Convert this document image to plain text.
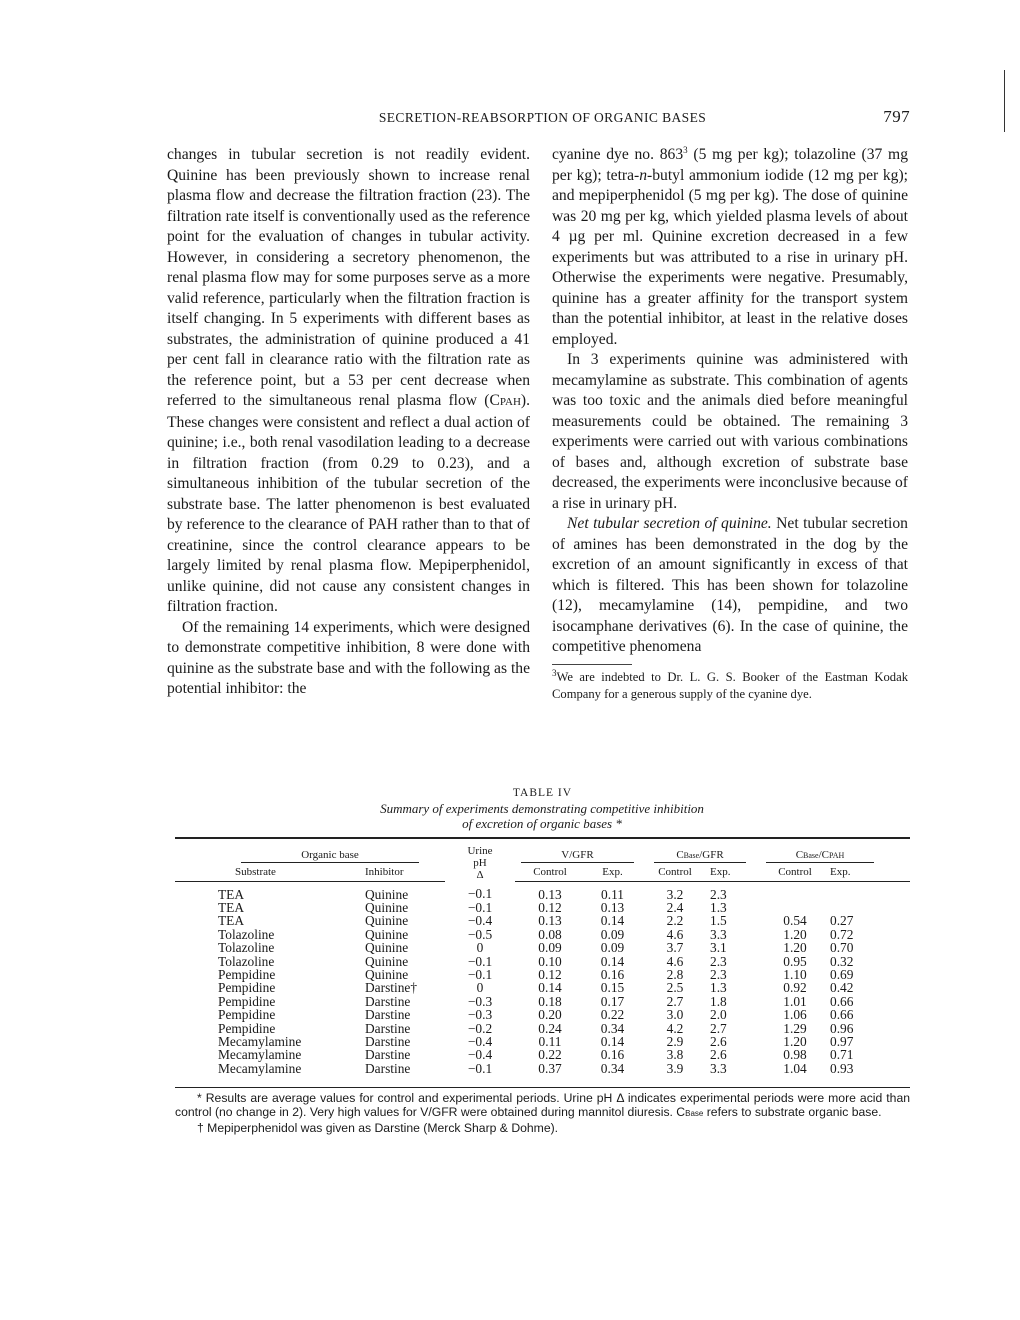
SECRETION-REABSORPTION OF ORGANIC BASES	797

changes in tubular secretion is not readily evident. Quinine has been previously shown to increase renal plasma flow and decrease the filtration fraction (23). The filtration rate itself is conventionally used as the reference point for the evaluation of changes in tubular activity. However, in considering a secretory phenomenon, the renal plasma flow may for some purposes serve as a more valid reference, particularly when the filtration fraction is itself changing. In 5 experiments with different bases as substrates, the administration of quinine produced a 41 per cent fall in clearance ratio with the filtration rate as the reference point, but a 53 per cent decrease when referred to the simultaneous renal plasma flow (CPAH). These changes were consistent and reflect a dual action of quinine; i.e., both renal vasodilation leading to a decrease in filtration fraction (from 0.29 to 0.23), and a simultaneous inhibition of the tubular secretion of the substrate base. The latter phenomenon is best evaluated by reference to the clearance of PAH rather than to that of creatinine, since the control clearance appears to be largely limited by renal plasma flow. Mepiperphenidol, unlike quinine, did not cause any consistent changes in filtration fraction.

Of the remaining 14 experiments, which were designed to demonstrate competitive inhibition, 8 were done with quinine as the substrate base and with the following as the potential inhibitor: the

cyanine dye no. $863^3$ (5 mg per kg); tolazoline (37 mg per kg); tetra-n-butyl ammonium iodide (12 mg per kg); and mepiperphenidol (5 mg per kg). The dose of quinine was 20 mg per kg, which yielded plasma levels of about 4 µg per ml. Quinine excretion decreased in a few experiments but was attributed to a rise in urinary pH. Otherwise the experiments were negative. Presumably, quinine has a greater affinity for the transport system than the potential inhibitor, at least in the relative doses employed.

In 3 experiments quinine was administered with mecamylamine as substrate. This combination of agents was too toxic and the animals died before meaningful measurements could be obtained. The remaining 3 experiments were carried out with various combinations of bases and, although excretion of substrate base decreased, the experiments were inconclusive because of a rise in urinary pH.

Net tubular secretion of quinine. Net tubular secretion of amines has been demonstrated in the dog by the excretion of an amount significantly in excess of that which is filtered. This has been shown for tolazoline (12), mecamylamine (14), pempidine, and two isocamphane derivatives (6). In the case of quinine, the competitive phenomena

$^3$We are indebted to Dr. L. G. S. Booker of the Eastman Kodak Company for a generous supply of the cyanine dye.

TABLE IV
Summary of experiments demonstrating competitive inhibition
of excretion of organic bases *
	Organic base		Urine
pH
Δ	V/GFR		CBase/GFR		CBase/CPAH		
	Substrate	Inhibitor		Control	Exp.	Control	Exp.	Control	Exp.	
	TEA	Quinine	−0.1	0.13	0.11	3.2	2.3			
	TEA	Quinine	−0.1	0.12	0.13	2.4	1.3			
	TEA	Quinine	−0.4	0.13	0.14	2.2	1.5	0.54	0.27	
	Tolazoline	Quinine	−0.5	0.08	0.09	4.6	3.3	1.20	0.72	
	Tolazoline	Quinine	0	0.09	0.09	3.7	3.1	1.20	0.70	
	Tolazoline	Quinine	−0.1	0.10	0.14	4.6	2.3	0.95	0.32	
	Pempidine	Quinine	−0.1	0.12	0.16	2.8	2.3	1.10	0.69	
	Pempidine	Darstine†	0	0.14	0.15	2.5	1.3	0.92	0.42	
	Pempidine	Darstine	−0.3	0.18	0.17	2.7	1.8	1.01	0.66	
	Pempidine	Darstine	−0.3	0.20	0.22	3.0	2.0	1.06	0.66	
	Pempidine	Darstine	−0.2	0.24	0.34	4.2	2.7	1.29	0.96	
	Mecamylamine	Darstine	−0.4	0.11	0.14	2.9	2.6	1.20	0.97	
	Mecamylamine	Darstine	−0.4	0.22	0.16	3.8	2.6	0.98	0.71	
	Mecamylamine	Darstine	−0.1	0.37	0.34	3.9	3.3	1.04	0.93	

* Results are average values for control and experimental periods. Urine pH Δ indicates experimental periods were more acid than control (no change in 2). Very high values for V/GFR were obtained during mannitol diuresis. CBase refers to substrate organic base.

† Mepiperphenidol was given as Darstine (Merck Sharp & Dohme).
